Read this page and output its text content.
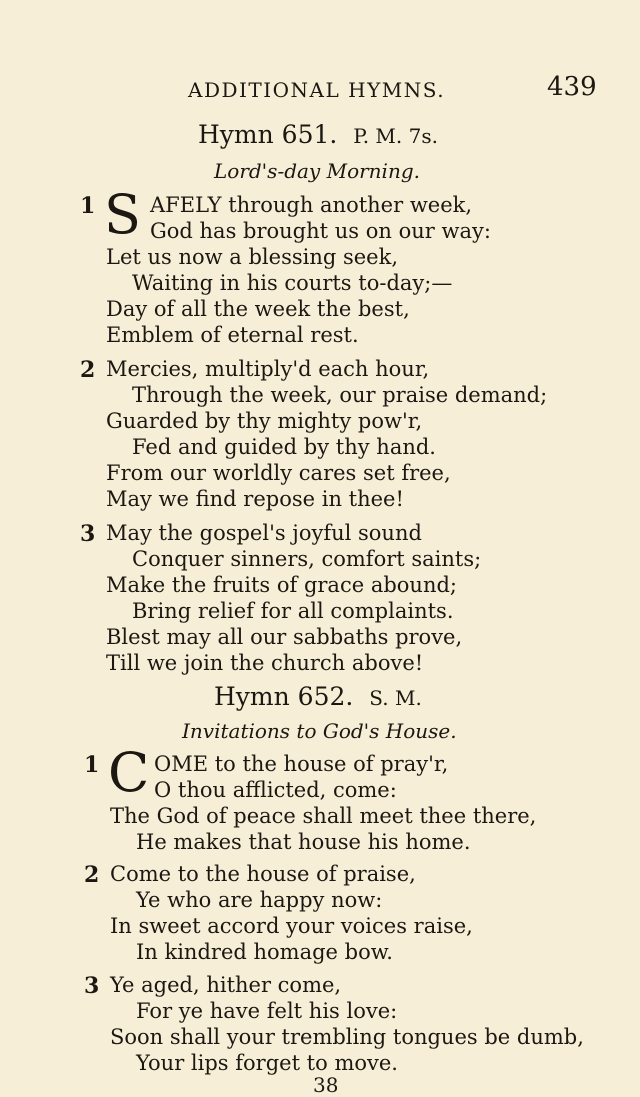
ADDITIONAL HYMNS.	439
Hymn 651. P. M. 7s.
Lord's-day Morning.
1 S AFELY through another week,
God has brought us on our way:
Let us now a blessing seek,
Waiting in his courts to-day;—
Day of all the week the best,
Emblem of eternal rest.
2 Mercies, multiply'd each hour,
Through the week, our praise demand;
Guarded by thy mighty pow'r,
Fed and guided by thy hand.
From our worldly cares set free,
May we find repose in thee!
3 May the gospel's joyful sound
Conquer sinners, comfort saints;
Make the fruits of grace abound;
Bring relief for all complaints.
Blest may all our sabbaths prove,
Till we join the church above!
Hymn 652. S. M.
Invitations to God's House.
1 C OME to the house of pray'r,
O thou afflicted, come:
The God of peace shall meet thee there,
He makes that house his home.
2 Come to the house of praise,
Ye who are happy now:
In sweet accord your voices raise,
In kindred homage bow.
3 Ye aged, hither come,
For ye have felt his love:
Soon shall your trembling tongues be dumb,
Your lips forget to move.
38
